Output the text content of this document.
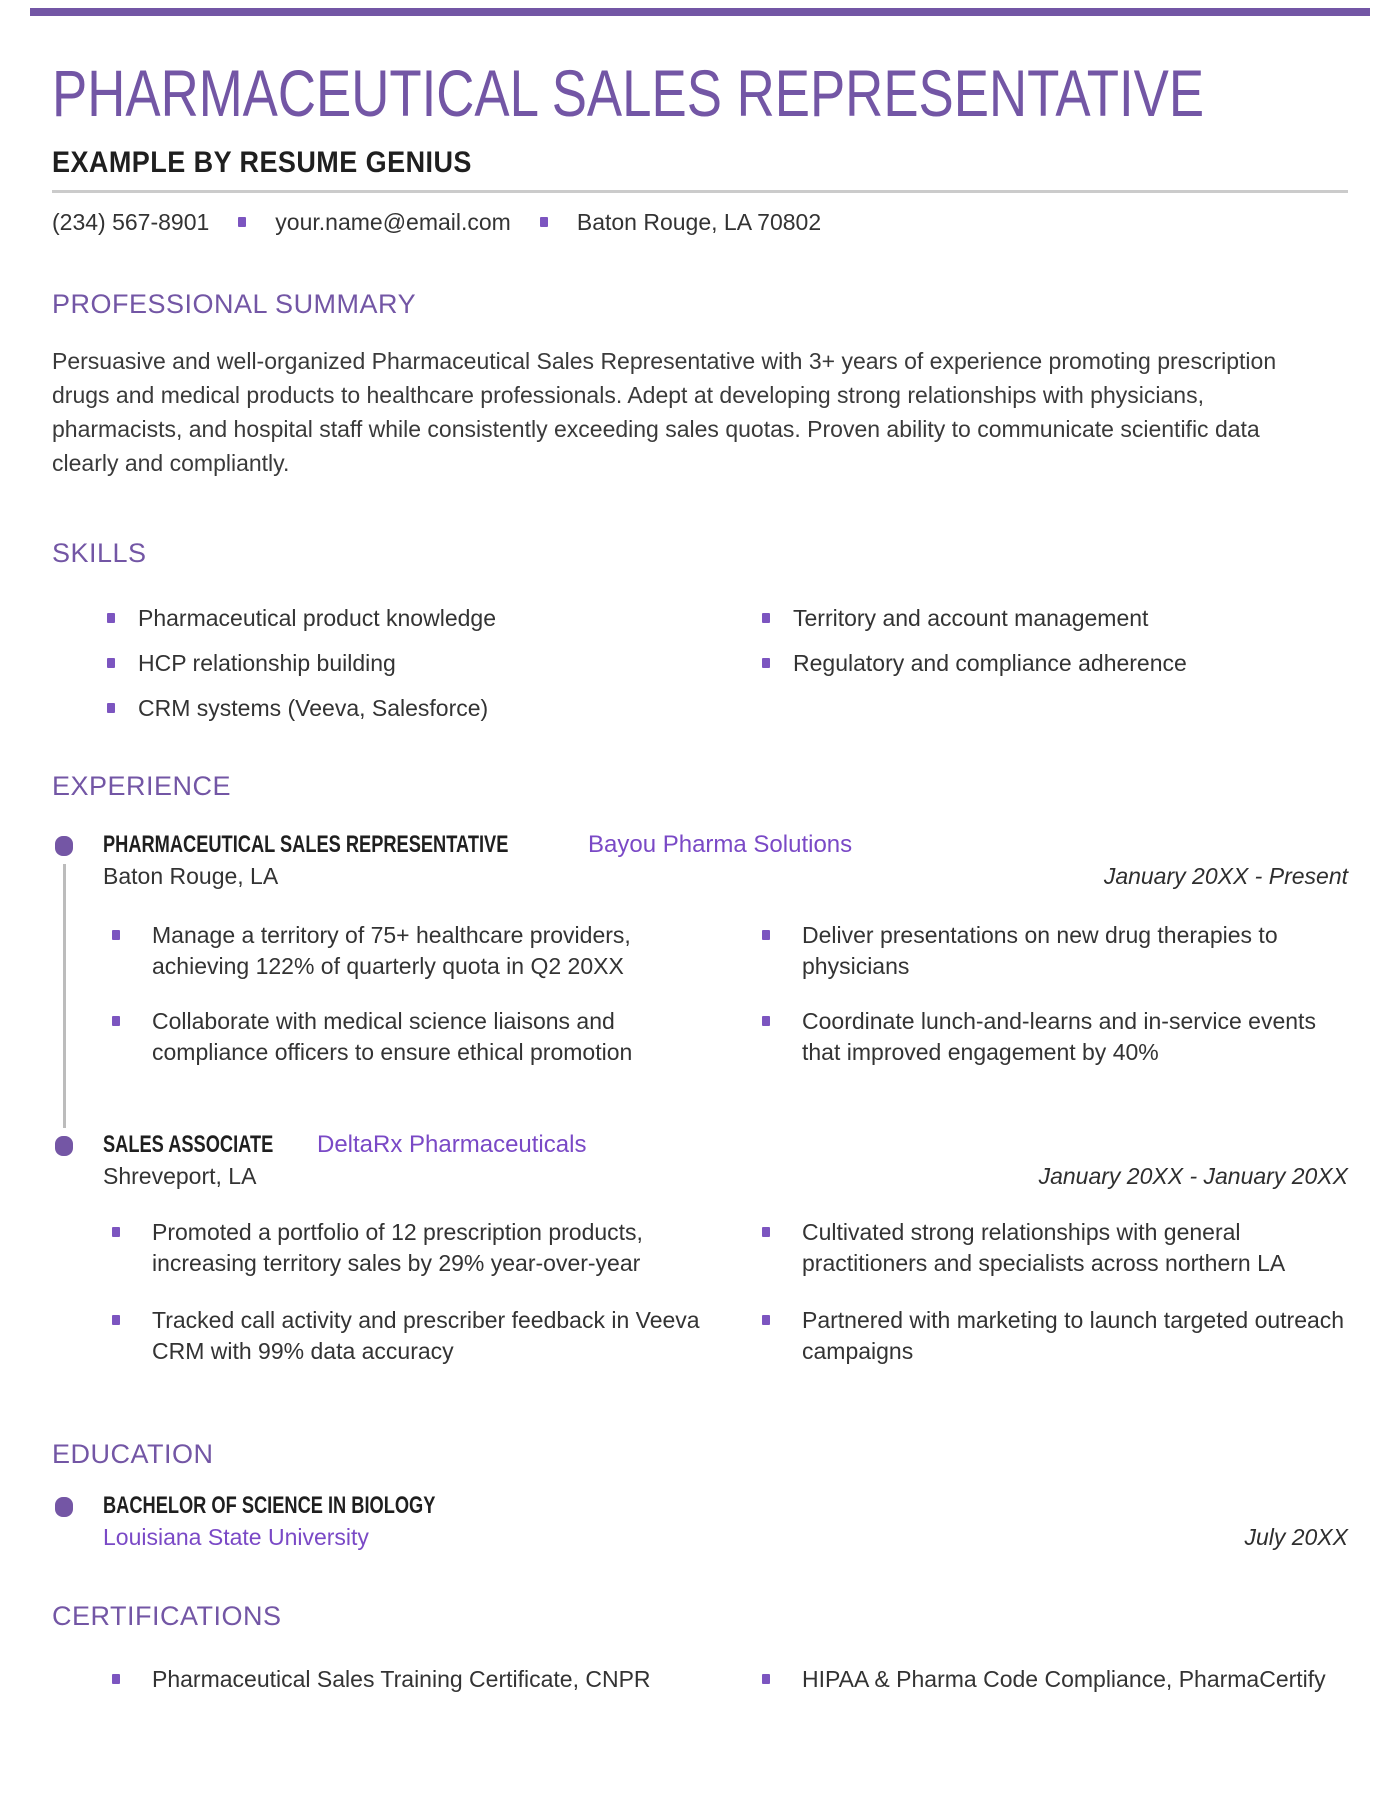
PHARMACEUTICAL SALES REPRESENTATIVE
EXAMPLE BY RESUME GENIUS
(234) 567-8901	your.name@email.com	Baton Rouge, LA 70802
PROFESSIONAL SUMMARY
Persuasive and well-organized Pharmaceutical Sales Representative with 3+ years of experience promoting prescription
drugs and medical products to healthcare professionals. Adept at developing strong relationships with physicians,
pharmacists, and hospital staff while consistently exceeding sales quotas. Proven ability to communicate scientific data
clearly and compliantly.
SKILLS
Pharmaceutical product knowledge
HCP relationship building
CRM systems (Veeva, Salesforce)
Territory and account management
Regulatory and compliance adherence
EXPERIENCE
PHARMACEUTICAL SALES REPRESENTATIVE	Bayou Pharma Solutions
Baton Rouge, LA	January 20XX - Present
Manage a territory of 75+ healthcare providers, achieving 122% of quarterly quota in Q2 20XX
Deliver presentations on new drug therapies to physicians
Collaborate with medical science liaisons and compliance officers to ensure ethical promotion
Coordinate lunch-and-learns and in-service events that improved engagement by 40%
SALES ASSOCIATE DeltaRx Pharmaceuticals
Shreveport, LA	January 20XX - January 20XX
Promoted a portfolio of 12 prescription products, increasing territory sales by 29% year-over-year
Cultivated strong relationships with general practitioners and specialists across northern LA
Tracked call activity and prescriber feedback in Veeva CRM with 99% data accuracy
Partnered with marketing to launch targeted outreach campaigns
EDUCATION
BACHELOR OF SCIENCE IN BIOLOGY
Louisiana State University	July 20XX
CERTIFICATIONS
Pharmaceutical Sales Training Certificate, CNPR	HIPAA & Pharma Code Compliance, PharmaCertify
